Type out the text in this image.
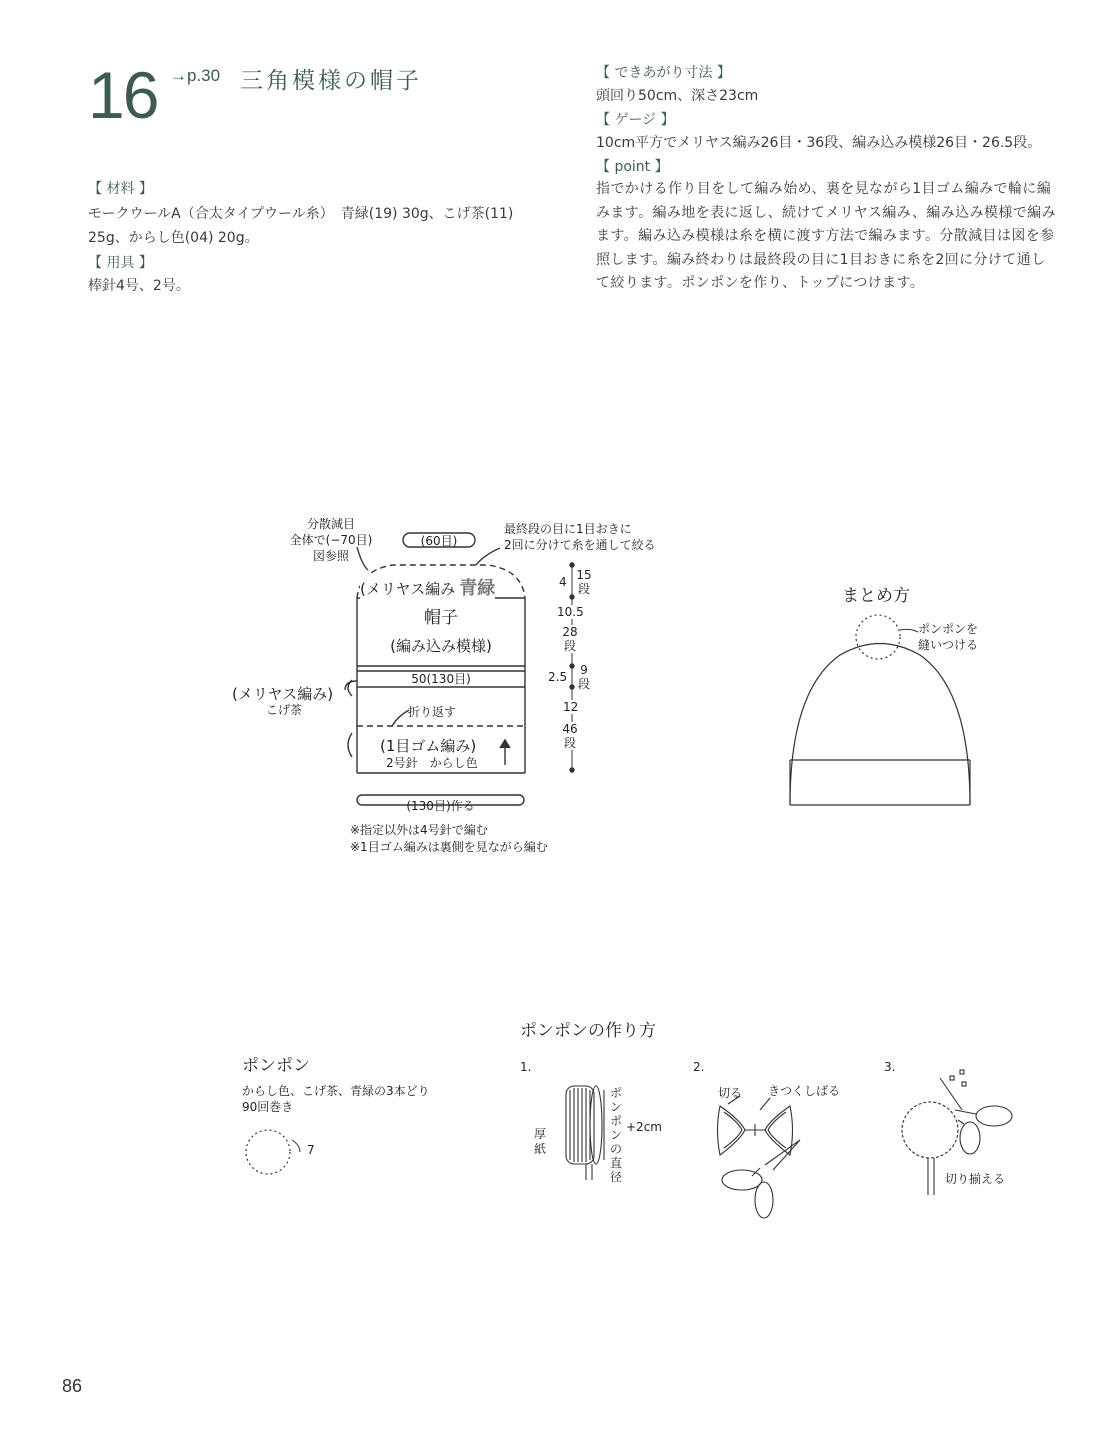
16 →p.30 三角模様の帽子
【 材料 】
モークウールA（合太タイプウール糸）　青緑(19) 30g、こげ茶(11)
25g、からし色(04) 20g。
【 用具 】
棒針4号、2号。
【 できあがり寸法 】
頭回り50cm、深さ23cm
【 ゲージ 】
10cm平方でメリヤス編み26目・36段、編み込み模様26目・26.5段。
【 point 】
指でかける作り目をして編み始め、裏を見ながら1目ゴム編みで輪に編
みます。編み地を表に返し、続けてメリヤス編み、編み込み模様で編み
ます。編み込み模様は糸を横に渡す方法で編みます。分散減目は図を参
照します。編み終わりは最終段の目に1目おきに糸を2回に分けて通し
て絞ります。ポンポンを作り、トップにつけます。
分散減目
全体で(−70目)
図参照
(60目)
最終段の目に1目おきに
2回に分けて糸を通して絞る
(メリヤス編み 青緑
帽子
(編み込み模様)
50(130目)
(メリヤス編み)
こげ茶	折り返す
(1目ゴム編み)
2号針　からし色
(130目)作る
※指定以外は4号針で編む
※1目ゴム編みは裏側を見ながら編む
4 15
段
10.5
28
段
2.5	9
段
12
46
段
まとめ方
ポンポンを
縫いつける
ポンポンの作り方
ポンポン
からし色、こげ茶、青緑の3本どり
90回巻き
7
1.
厚
紙
ポ
ン
ポ
ン
の
直
径
+2cm
2.
切る きつくしばる
3.
切り揃える
86
